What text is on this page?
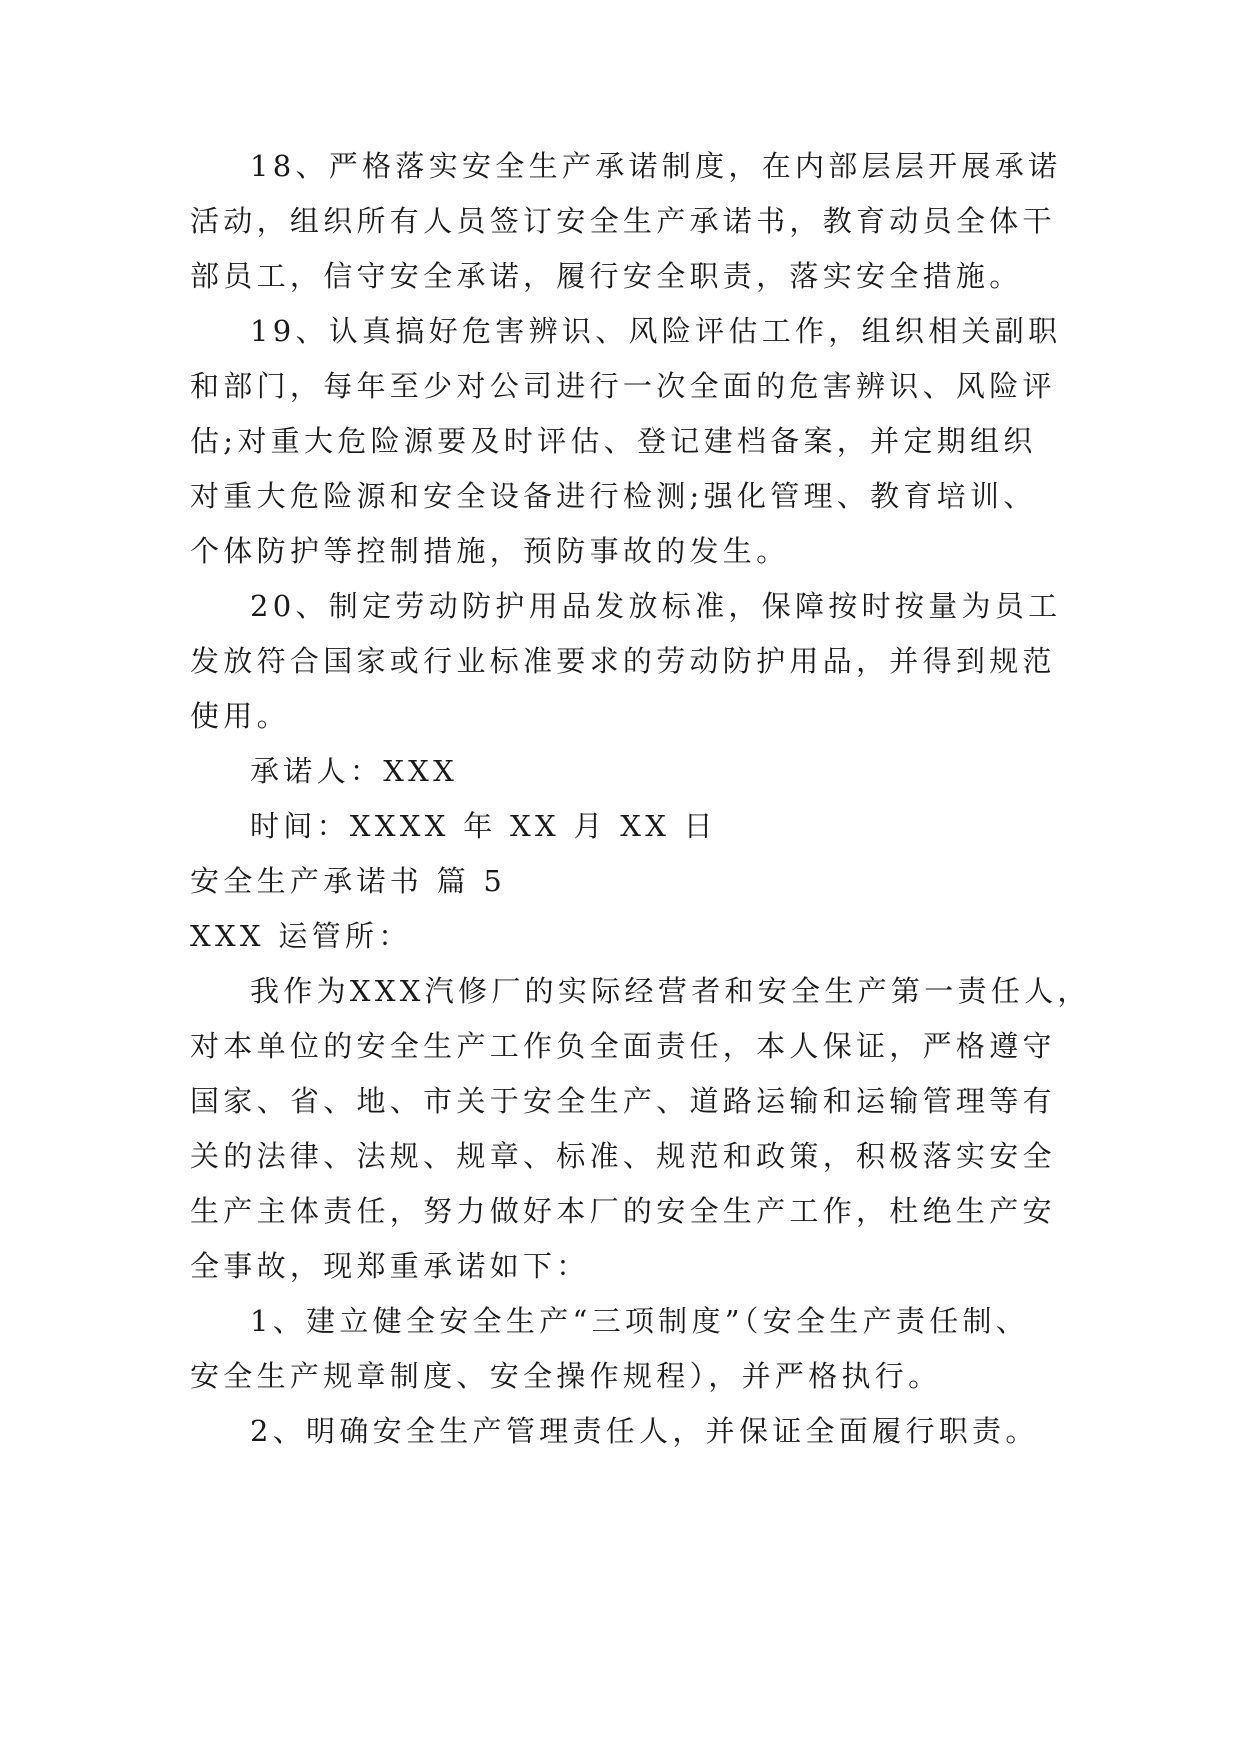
18、严格落实安全生产承诺制度，在内部层层开展承诺
活动，组织所有人员签订安全生产承诺书，教育动员全体干
部员工，信守安全承诺，履行安全职责，落实安全措施。
19、认真搞好危害辨识、风险评估工作，组织相关副职
和部门，每年至少对公司进行一次全面的危害辨识、风险评
估;对重大危险源要及时评估、登记建档备案，并定期组织
对重大危险源和安全设备进行检测;强化管理、教育培训、
个体防护等控制措施，预防事故的发生。
20、制定劳动防护用品发放标准，保障按时按量为员工
发放符合国家或行业标准要求的劳动防护用品，并得到规范
使用。
承诺人：XXX
时间：XXXX 年 XX 月 XX 日
安全生产承诺书 篇 5
XXX 运管所：
我作为XXX汽修厂的实际经营者和安全生产第一责任人，
对本单位的安全生产工作负全面责任，本人保证，严格遵守
国家、省、地、市关于安全生产、道路运输和运输管理等有
关的法律、法规、规章、标准、规范和政策，积极落实安全
生产主体责任，努力做好本厂的安全生产工作，杜绝生产安
全事故，现郑重承诺如下：
1、建立健全安全生产“三项制度”（安全生产责任制、
安全生产规章制度、安全操作规程），并严格执行。
2、明确安全生产管理责任人，并保证全面履行职责。
